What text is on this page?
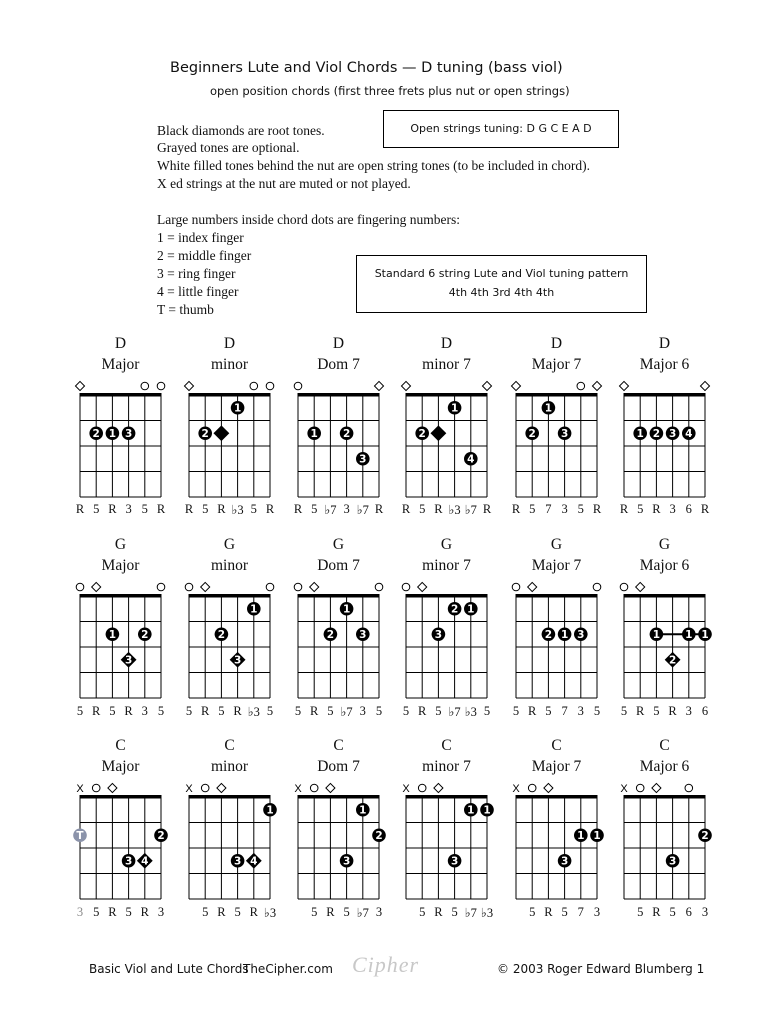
Beginners Lute and Viol Chords — D tuning (bass viol)
open position chords (first three frets plus nut or open strings)
Black diamonds are root tones.
Grayed tones are optional.
White filled tones behind the nut are open string tones (to be included in chord).
X ed strings at the nut are muted or not played.
Large numbers inside chord dots are fingering numbers:
1 = index finger
2 = middle finger
3 = ring finger
4 = little finger
T = thumb
Open strings tuning: D G C E A D
Standard 6 string Lute and Viol tuning pattern
4th 4th 3rd 4th 4th
D
Major
2 1 3
R 5 R 3 5 R
D
minor
2
1
R 5 R ♭3 5 R
D
Dom 7
1 2
3
R 5 ♭7 3 ♭7 R
D
minor 7
2
1
4
R 5 R ♭3 ♭7 R
D
Major 7
2
1
3
R 5 7 3 5 R
D
Major 6
1 2 3 4
R 5 R 3 6 R
G
Major
1 2
3
5 R 5 R 3 5
G
minor
1
2
3
5 R 5 R ♭3 5
G
Dom 7
1
2 3
5 R 5 ♭7 3 5
G
minor 7
2 1
3
5 R 5 ♭7 ♭3 5
G
Major 7
2 1 3
5 R 5 7 3 5
G
Major 6
1 1 1
2
5 R 5 R 3 6
C
Major
X
T	2
3 4
3 5 R 5 R 3
C
minor
X
1
3 4
5 R 5 R ♭3
C
Dom 7
X
1
2
3
5 R 5 ♭7 3
C
minor 7
X
1 1
3
5 R 5 ♭7 ♭3
C
Major 7
X
1 1
3
5 R 5 7 3
C
Major 6
X
2
3
5 R 5 6 3
Basic Viol and Lute Chords
TheCipher.com Cipher	© 2003 Roger Edward Blumberg 1
